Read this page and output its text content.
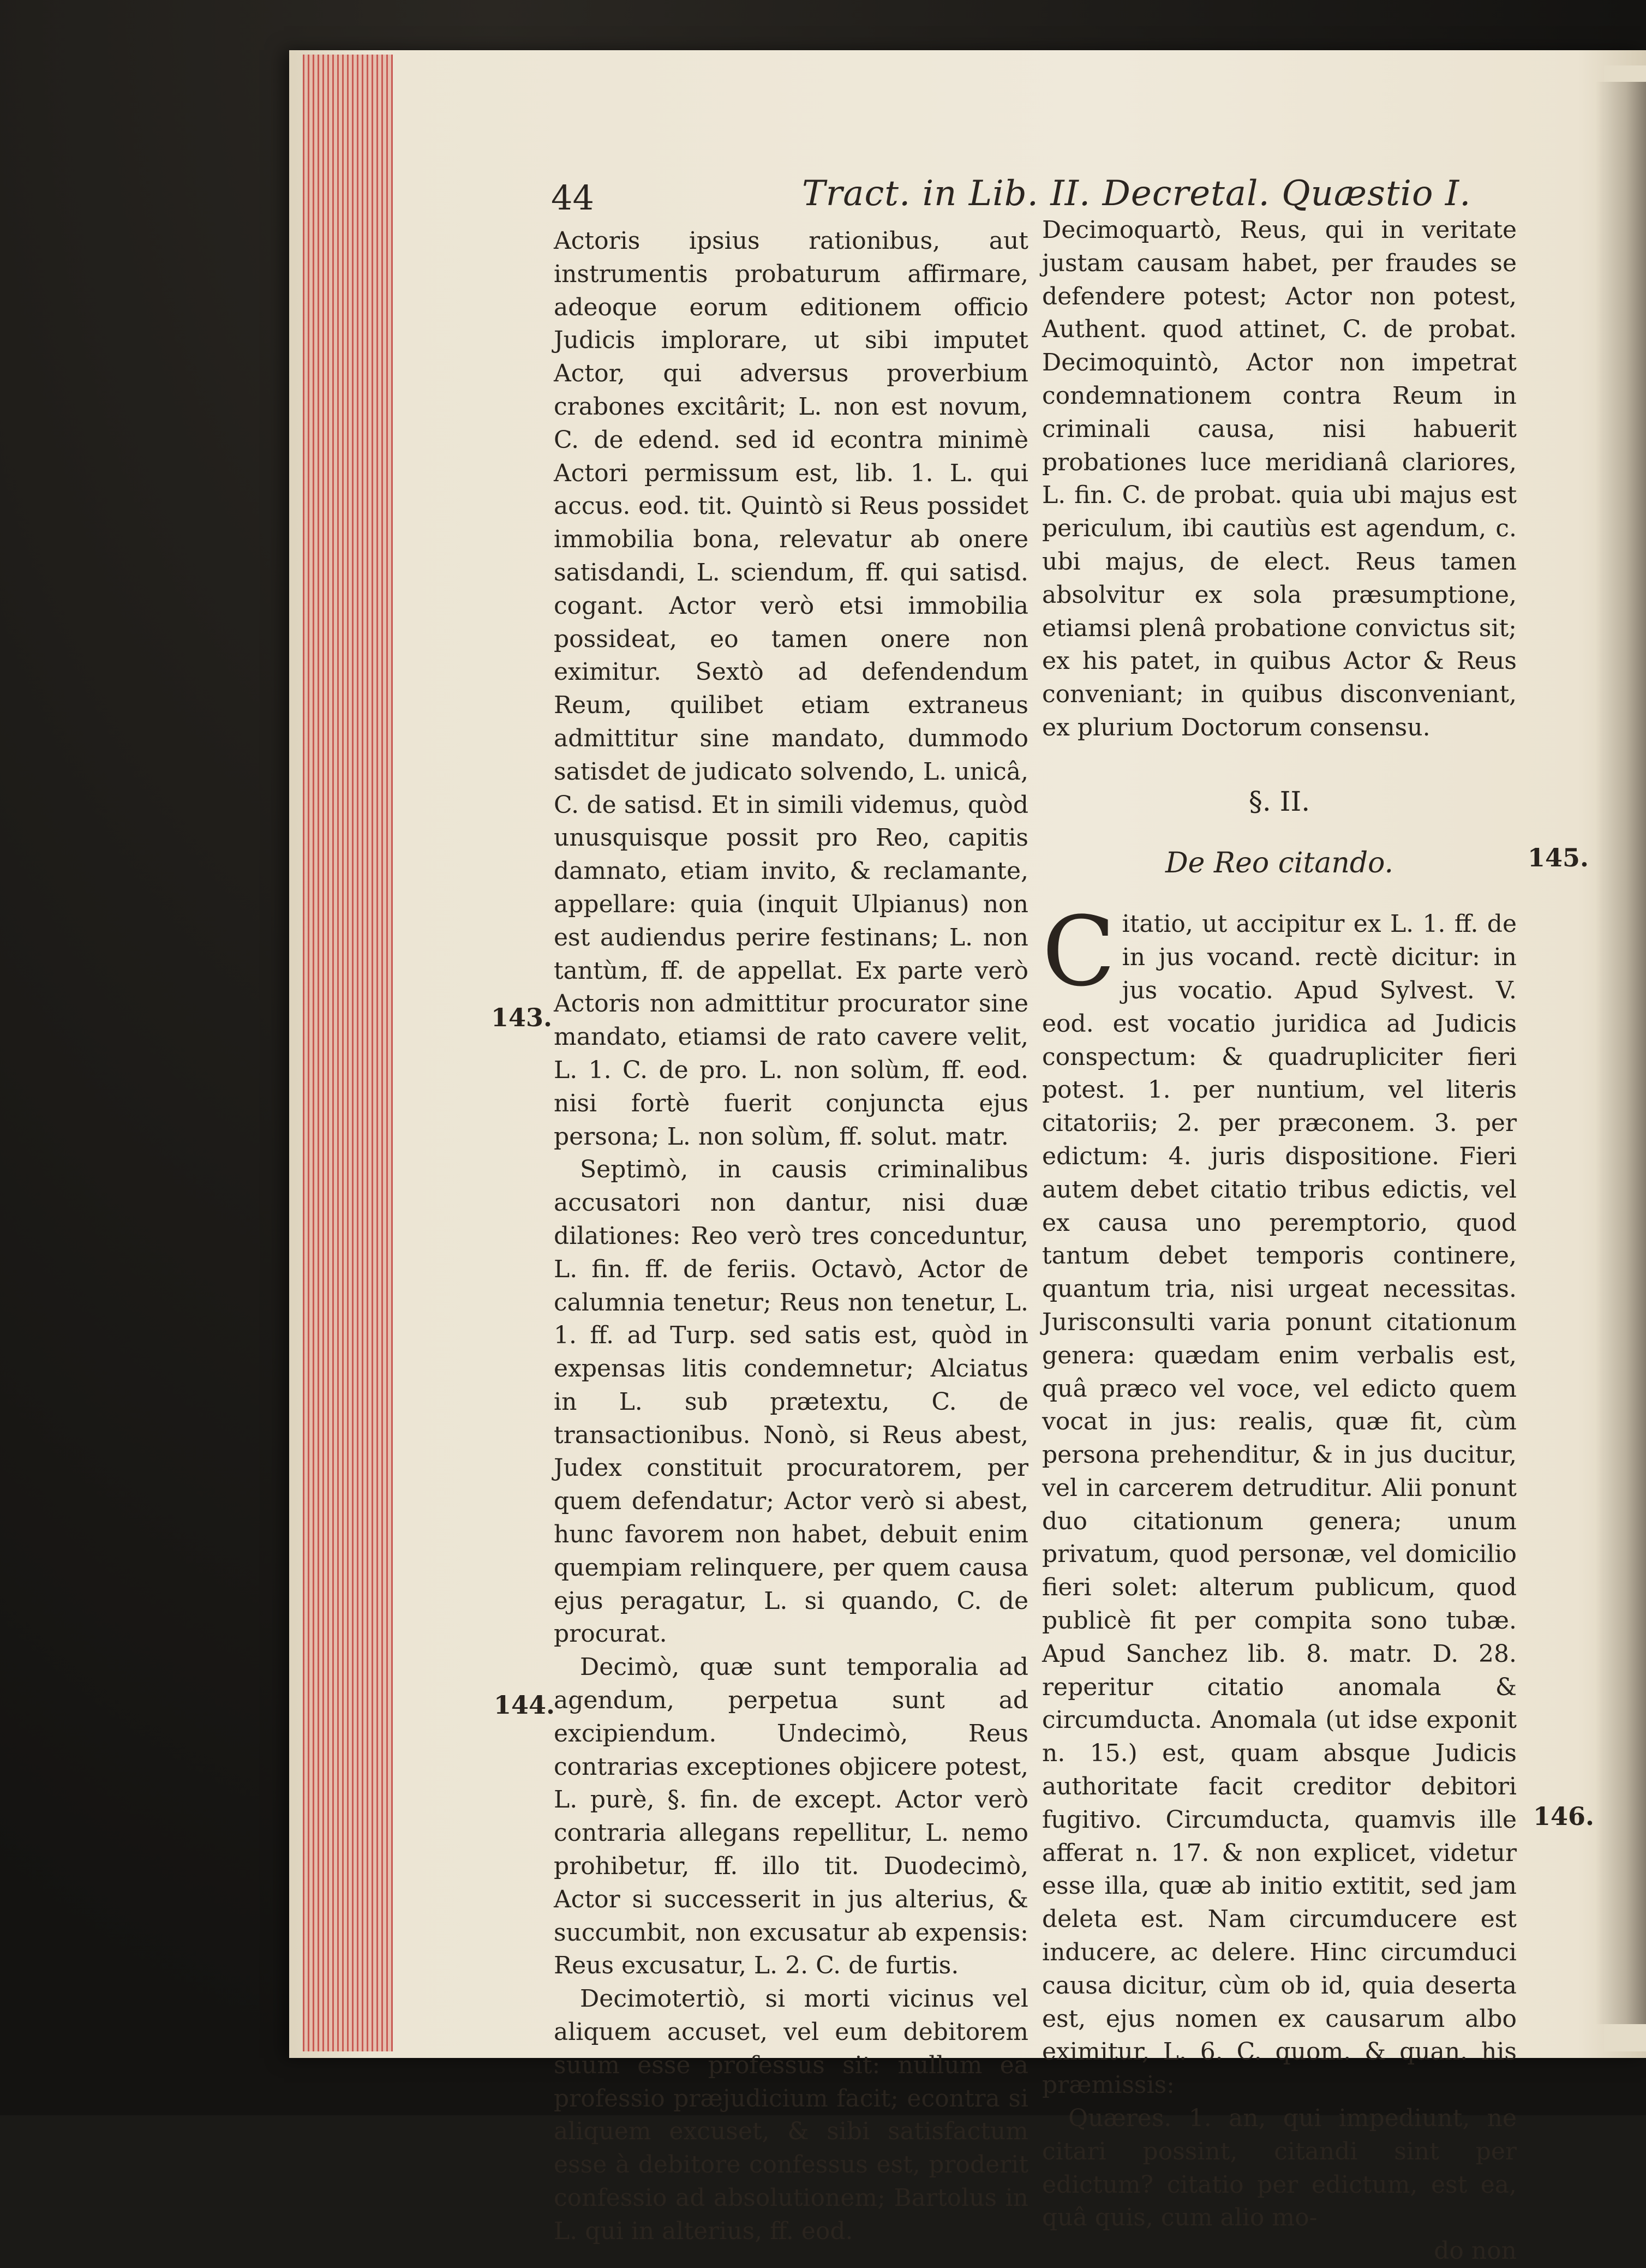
44	Tract. in Lib. II. Decretal. Quæstio I.

Actoris ipsius rationibus, aut instrumentis probaturum affirmare, adeoque eorum editionem officio Judicis implorare, ut sibi imputet Actor, qui adversus proverbium crabones excitârit; L. non est novum, C. de edend. sed id econtra minimè Actori permissum est, lib. 1. L. qui accus. eod. tit. Quintò si Reus possidet immobilia bona, relevatur ab onere satisdandi, L. sciendum, ff. qui satisd. cogant. Actor verò etsi immobilia possideat, eo tamen onere non eximitur. Sextò ad defendendum Reum, quilibet etiam extraneus admittitur sine mandato, dummodo satisdet de judicato solvendo, L. unicâ, C. de satisd. Et in simili videmus, quòd unusquisque possit pro Reo, capitis damnato, etiam invito, & reclamante, appellare: quia (inquit Ulpianus) non est audiendus perire festinans; L. non tantùm, ff. de appellat. Ex parte verò Actoris non admittitur procurator sine mandato, etiamsi de rato cavere velit, L. 1. C. de pro. L. non solùm, ff. eod. nisi fortè fuerit conjuncta ejus persona; L. non solùm, ff. solut. matr.

Septimò, in causis criminalibus accusatori non dantur, nisi duæ dilationes: Reo verò tres conceduntur, L. fin. ff. de feriis. Octavò, Actor de calumnia tenetur; Reus non tenetur, L. 1. ff. ad Turp. sed satis est, quòd in expensas litis condemnetur; Alciatus in L. sub prætextu, C. de transactionibus. Nonò, si Reus abest, Judex constituit procuratorem, per quem defendatur; Actor verò si abest, hunc favorem non habet, debuit enim quempiam relinquere, per quem causa ejus peragatur, L. si quando, C. de procurat.

Decimò, quæ sunt temporalia ad agendum, perpetua sunt ad excipiendum. Undecimò, Reus contrarias exceptiones objicere potest, L. purè, §. fin. de except. Actor verò contraria allegans repellitur, L. nemo prohibetur, ff. illo tit. Duodecimò, Actor si successerit in jus alterius, & succumbit, non excusatur ab expensis: Reus excusatur, L. 2. C. de furtis.

Decimotertiò, si morti vicinus vel aliquem accuset, vel eum debitorem suum esse professus sit: nullum ea professio præjudicium facit; econtra si aliquem excuset, & sibi satisfactum esse à debitore confessus est, proderit confessio ad absolutionem; Bartolus in L. qui in alterius, ff. eod.

Decimoquartò, Reus, qui in veritate justam causam habet, per fraudes se defendere potest; Actor non potest, Authent. quod attinet, C. de probat. Decimoquintò, Actor non impetrat condemnationem contra Reum in criminali causa, nisi habuerit probationes luce meridianâ clariores, L. fin. C. de probat. quia ubi majus est periculum, ibi cautiùs est agendum, c. ubi majus, de elect. Reus tamen absolvitur ex sola præsumptione, etiamsi plenâ probatione convictus sit; ex his patet, in quibus Actor & Reus conveniant; in quibus disconveniant, ex plurium Doctorum consensu.

§. II.

De Reo citando.

Citatio, ut accipitur ex L. 1. ff. de in jus vocand. rectè dicitur: in jus vocatio. Apud Sylvest. V. eod. est vocatio juridica ad Judicis conspectum: & quadrupliciter fieri potest. 1. per nuntium, vel literis citatoriis; 2. per præconem. 3. per edictum: 4. juris dispositione. Fieri autem debet citatio tribus edictis, vel ex causa uno peremptorio, quod tantum debet temporis continere, quantum tria, nisi urgeat necessitas. Jurisconsulti varia ponunt citationum genera: quædam enim verbalis est, quâ præco vel voce, vel edicto quem vocat in jus: realis, quæ fit, cùm persona prehenditur, & in jus ducitur, vel in carcerem detruditur. Alii ponunt duo citationum genera; unum privatum, quod personæ, vel domicilio fieri solet: alterum publicum, quod publicè fit per compita sono tubæ. Apud Sanchez lib. 8. matr. D. 28. reperitur citatio anomala & circumducta. Anomala (ut idse exponit n. 15.) est, quam absque Judicis authoritate facit creditor debitori fugitivo. Circumducta, quamvis ille afferat n. 17. & non explicet, videtur esse illa, quæ ab initio extitit, sed jam deleta est. Nam circumducere est inducere, ac delere. Hinc circumduci causa dicitur, cùm ob id, quia deserta est, ejus nomen ex causarum albo eximitur, L. 6. C. quom. & quan. his præmissis:

Quæres. 1. an, qui impediunt, ne citari possint, citandi sint per edictum? citatio per edictum, est ea, quâ quis, cum alio mo-

do non

143.
144.
145.
146.
